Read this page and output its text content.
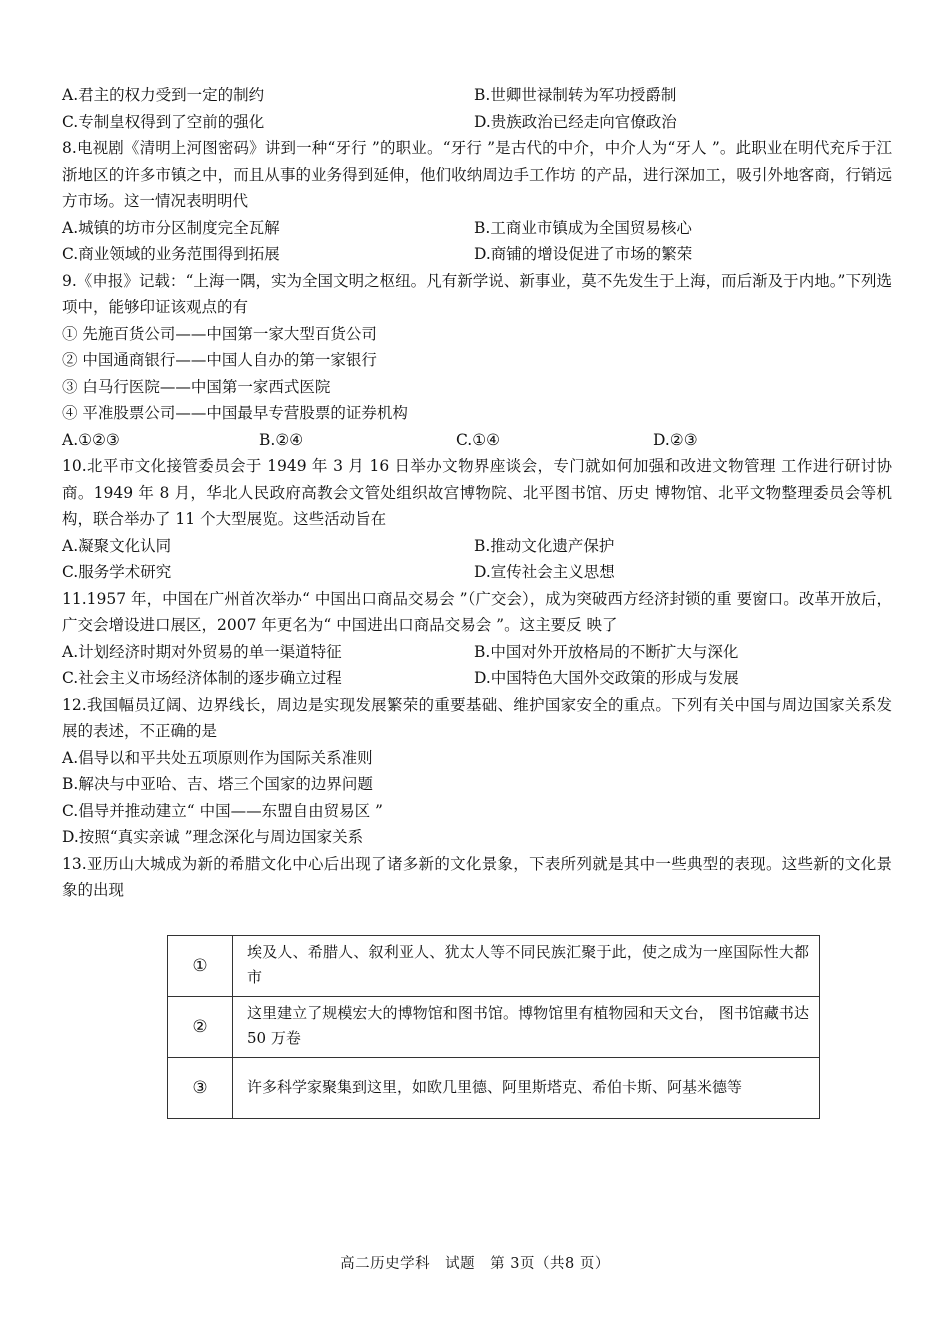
A.君主的权力受到一定的制约	B.世卿世禄制转为军功授爵制
C.专制皇权得到了空前的强化	D.贵族政治已经走向官僚政治
8.电视剧《清明上河图密码》讲到一种“牙行 ”的职业。“牙行 ”是古代的中介，中介人为“牙人 ”。此职业在明代充斥于江浙地区的许多市镇之中，而且从事的业务得到延伸，他们收纳周边手工作坊 的产品，进行深加工，吸引外地客商，行销远方市场。这一情况表明明代
A.城镇的坊市分区制度完全瓦解	B.工商业市镇成为全国贸易核心
C.商业领域的业务范围得到拓展	D.商铺的增设促进了市场的繁荣
9.《申报》记载：“上海一隅，实为全国文明之枢纽。凡有新学说、新事业，莫不先发生于上海，而后渐及于内地。”下列选项中，能够印证该观点的有
① 先施百货公司——中国第一家大型百货公司
② 中国通商银行——中国人自办的第一家银行
③ 白马行医院——中国第一家西式医院
④ 平准股票公司——中国最早专营股票的证券机构
A.①②③	B.②④	C.①④	D.②③
10.北平市文化接管委员会于 1949 年 3 月 16 日举办文物界座谈会，专门就如何加强和改进文物管理 工作进行研讨协商。1949 年 8 月，华北人民政府高教会文管处组织故宫博物院、北平图书馆、历史 博物馆、北平文物整理委员会等机构，联合举办了 11 个大型展览。这些活动旨在
A.凝聚文化认同	B.推动文化遗产保护
C.服务学术研究	D.宣传社会主义思想
11.1957 年，中国在广州首次举办“ 中国出口商品交易会 ”（广交会），成为突破西方经济封锁的重 要窗口。改革开放后，广交会增设进口展区，2007 年更名为“ 中国进出口商品交易会 ”。这主要反 映了
A.计划经济时期对外贸易的单一渠道特征	B.中国对外开放格局的不断扩大与深化
C.社会主义市场经济体制的逐步确立过程	D.中国特色大国外交政策的形成与发展
12.我国幅员辽阔、边界线长，周边是实现发展繁荣的重要基础、维护国家安全的重点。下列有关中国与周边国家关系发展的表述，不正确的是
A.倡导以和平共处五项原则作为国际关系准则
B.解决与中亚哈、吉、塔三个国家的边界问题
C.倡导并推动建立“ 中国——东盟自由贸易区 ”
D.按照“真实亲诚 ”理念深化与周边国家关系
13.亚历山大城成为新的希腊文化中心后出现了诸多新的文化景象，下表所列就是其中一些典型的表现。这些新的文化景象的出现
①	埃及人、希腊人、叙利亚人、犹太人等不同民族汇聚于此，使之成为一座国际性大都市
②	这里建立了规模宏大的博物馆和图书馆。博物馆里有植物园和天文台， 图书馆藏书达50 万卷
③	许多科学家聚集到这里，如欧几里德、阿里斯塔克、希伯卡斯、阿基米德等
高二历史学科　试题　第 3页（共8 页）
